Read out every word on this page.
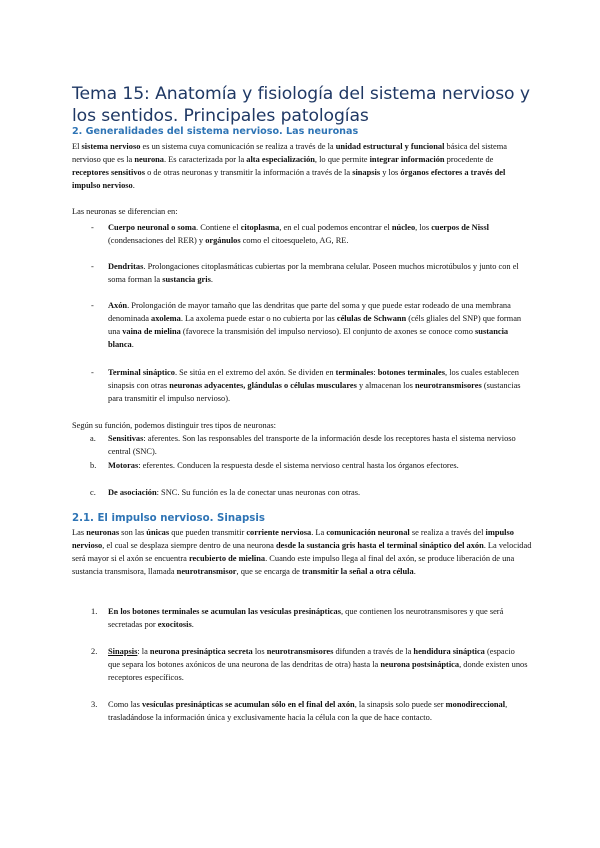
Tema 15: Anatomía y fisiología del sistema nervioso y los sentidos. Principales patologías
2. Generalidades del sistema nervioso. Las neuronas

El sistema nervioso es un sistema cuya comunicación se realiza a través de la unidad estructural y funcional básica del sistema nervioso que es la neurona. Es caracterizada por la alta especialización, lo que permite integrar información procedente de receptores sensitivos o de otras neuronas y transmitir la información a través de la sinapsis y los órganos efectores a través del impulso nervioso.

Las neuronas se diferencian en:

- Cuerpo neuronal o soma. Contiene el citoplasma, en el cual podemos encontrar el núcleo, los cuerpos de Nissl (condensaciones del RER) y orgánulos como el citoesqueleto, AG, RE.

- Dendritas. Prolongaciones citoplasmáticas cubiertas por la membrana celular. Poseen muchos microtúbulos y junto con el soma forman la sustancia gris.

- Axón. Prolongación de mayor tamaño que las dendritas que parte del soma y que puede estar rodeado de una membrana denominada axolema. La axolema puede estar o no cubierta por las células de Schwann (céls gliales del SNP) que forman una vaina de mielina (favorece la transmisión del impulso nervioso). El conjunto de axones se conoce como sustancia blanca.

- Terminal sináptico. Se sitúa en el extremo del axón. Se dividen en terminales: botones terminales, los cuales establecen sinapsis con otras neuronas adyacentes, glándulas o células musculares y almacenan los neurotransmisores (sustancias para transmitir el impulso nervioso).

Según su función, podemos distinguir tres tipos de neuronas:

a. Sensitivas: aferentes. Son las responsables del transporte de la información desde los receptores hasta el sistema nervioso central (SNC).

b. Motoras: eferentes. Conducen la respuesta desde el sistema nervioso central hasta los órganos efectores.

c. De asociación: SNC. Su función es la de conectar unas neuronas con otras.

2.1. El impulso nervioso. Sinapsis

Las neuronas son las únicas que pueden transmitir corriente nerviosa. La comunicación neuronal se realiza a través del impulso nervioso, el cual se desplaza siempre dentro de una neurona desde la sustancia gris hasta el terminal sináptico del axón. La velocidad será mayor si el axón se encuentra recubierto de mielina. Cuando este impulso llega al final del axón, se produce liberación de una sustancia transmisora, llamada neurotransmisor, que se encarga de transmitir la señal a otra célula.

1. En los botones terminales se acumulan las vesículas presinápticas, que contienen los neurotransmisores y que será secretadas por exocitosis.

2. Sinapsis: la neurona presináptica secreta los neurotransmisores difunden a través de la hendidura sináptica (espacio que separa los botones axónicos de una neurona de las dendritas de otra) hasta la neurona postsináptica, donde existen unos receptores específicos.

3. Como las vesículas presinápticas se acumulan sólo en el final del axón, la sinapsis solo puede ser monodireccional, trasladándose la información única y exclusivamente hacia la célula con la que de hace contacto.
